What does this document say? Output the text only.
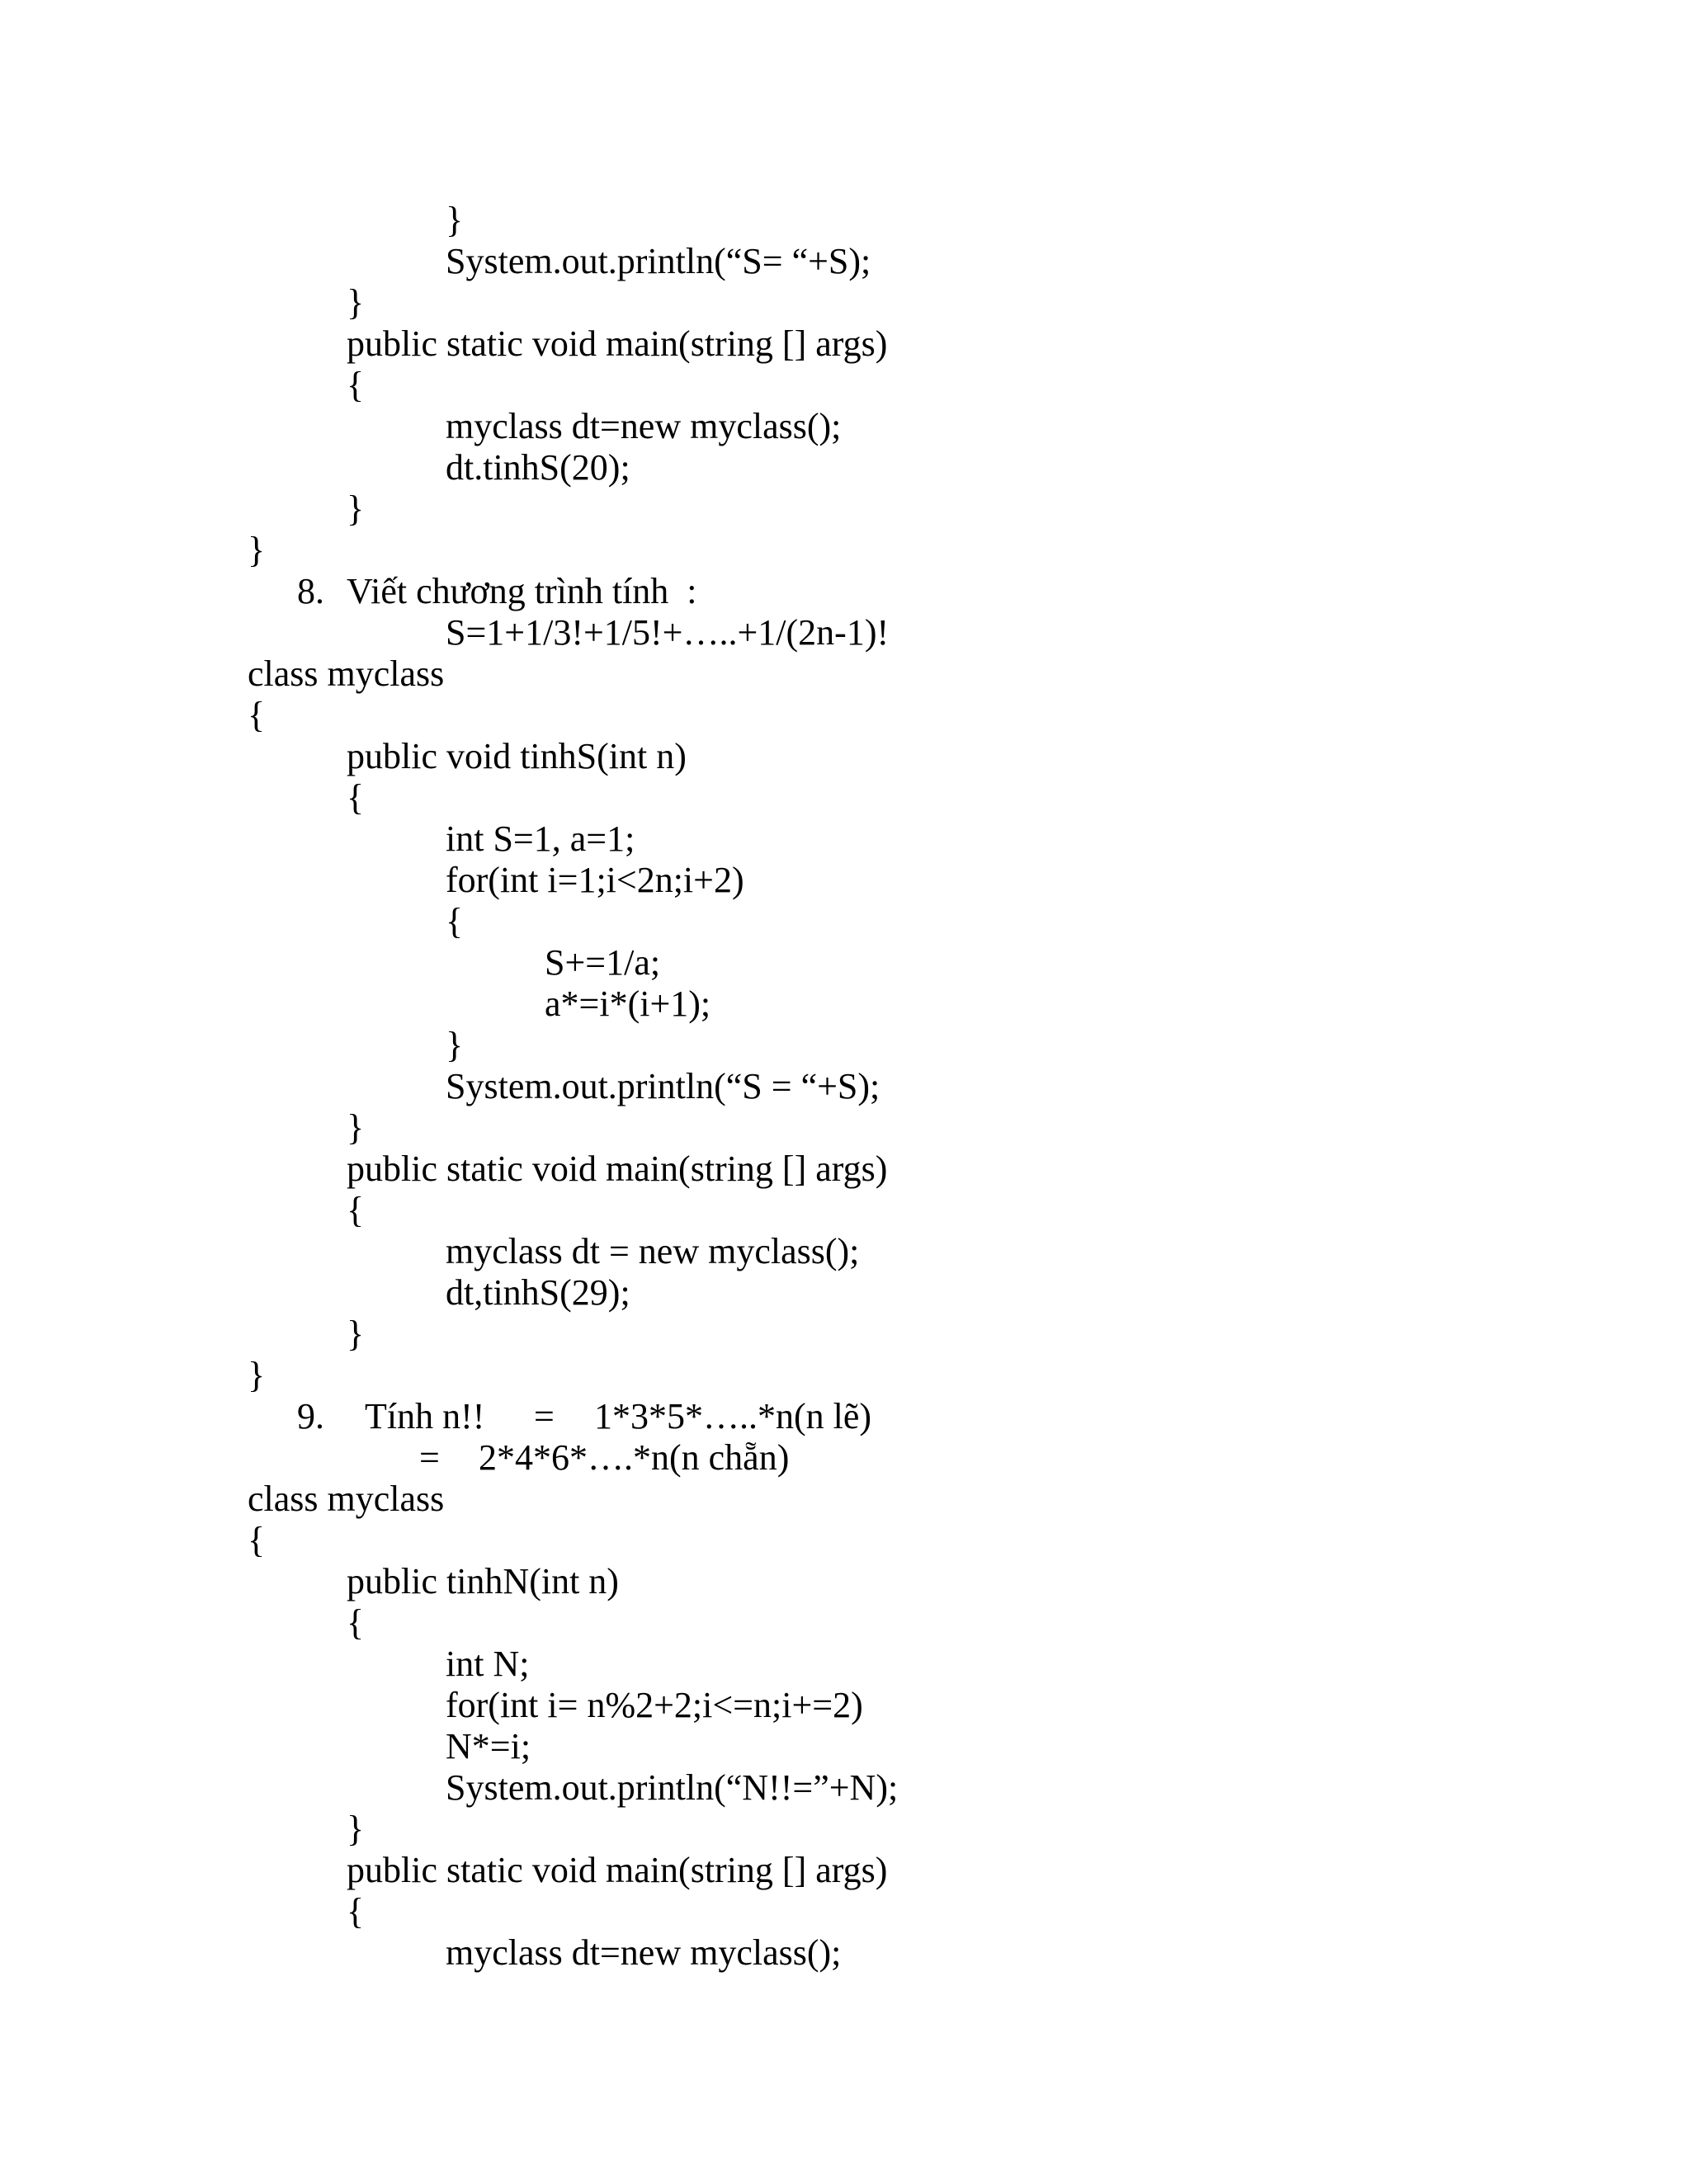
}
System.out.println(“S= “+S);
}
public static void main(string [] args)
{
myclass dt=new myclass();
dt.tinhS(20);
}
}
8. Viết chương trình tính  :
S=1+1/3!+1/5!+…..+1/(2n-1)!
class myclass
{
public void tinhS(int n)
{
int S=1, a=1;
for(int i=1;i<2n;i+2)
{
S+=1/a;
a*=i*(i+1);
}
System.out.println(“S = “+S);
}
public static void main(string [] args)
{
myclass dt = new myclass();
dt,tinhS(29);
}
}
9. Tính n!! = 1*3*5*…..*n(n lẽ)
= 2*4*6*….*n(n chẵn)
class myclass
{
public tinhN(int n)
{
int N;
for(int i= n%2+2;i<=n;i+=2)
N*=i;
System.out.println(“N!!=”+N);
}
public static void main(string [] args)
{
myclass dt=new myclass();
